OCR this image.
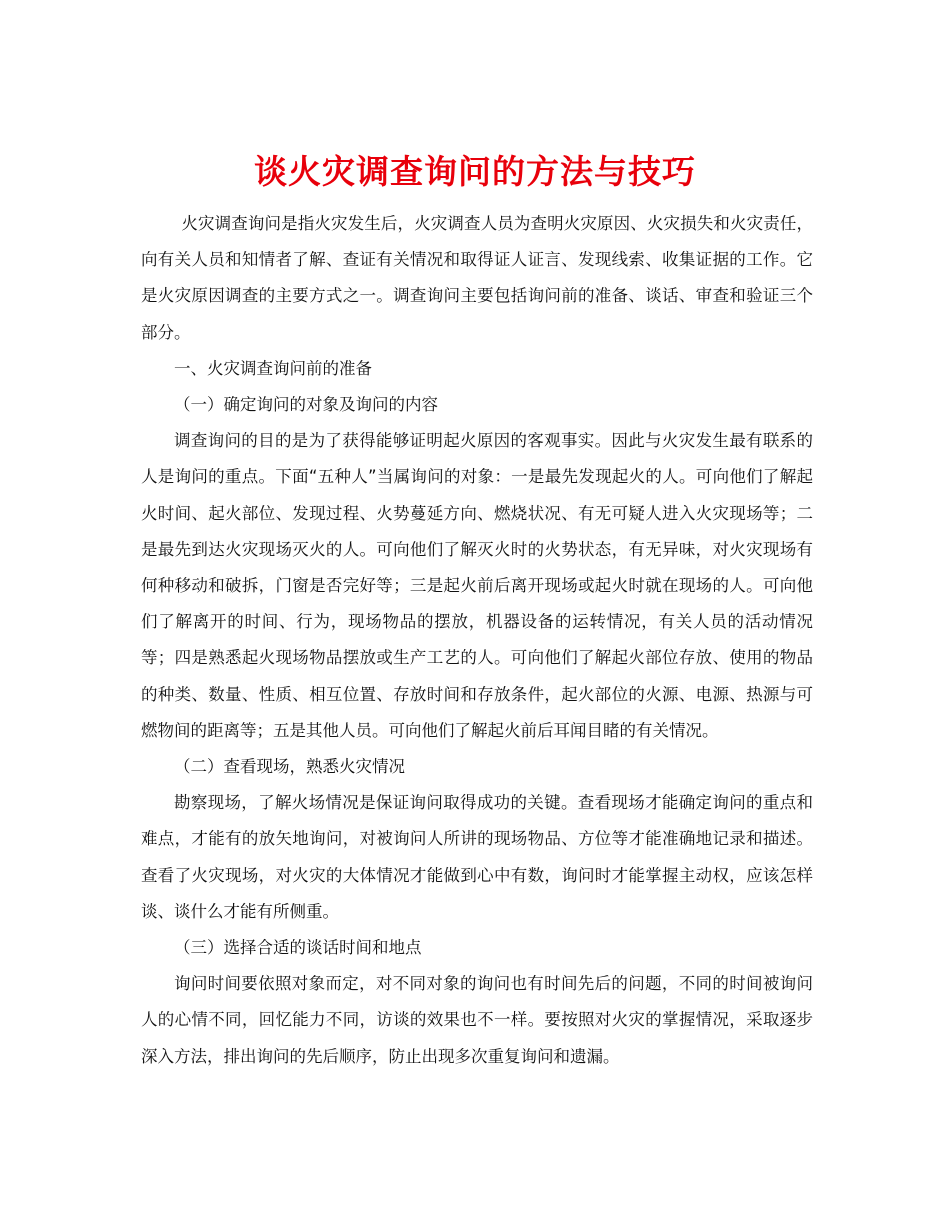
谈火灾调查询问的方法与技巧

火灾调查询问是指火灾发生后，火灾调查人员为查明火灾原因、火灾损失和火灾责任，向有关人员和知情者了解、查证有关情况和取得证人证言、发现线索、收集证据的工作。它是火灾原因调查的主要方式之一。调查询问主要包括询问前的准备、谈话、审查和验证三个部分。

一、火灾调查询问前的准备

（一）确定询问的对象及询问的内容

调查询问的目的是为了获得能够证明起火原因的客观事实。因此与火灾发生最有联系的人是询问的重点。下面“五种人”当属询问的对象：一是最先发现起火的人。可向他们了解起火时间、起火部位、发现过程、火势蔓延方向、燃烧状况、有无可疑人进入火灾现场等；二是最先到达火灾现场灭火的人。可向他们了解灭火时的火势状态，有无异味，对火灾现场有何种移动和破拆，门窗是否完好等；三是起火前后离开现场或起火时就在现场的人。可向他们了解离开的时间、行为，现场物品的摆放，机器设备的运转情况，有关人员的活动情况等；四是熟悉起火现场物品摆放或生产工艺的人。可向他们了解起火部位存放、使用的物品的种类、数量、性质、相互位置、存放时间和存放条件，起火部位的火源、电源、热源与可燃物间的距离等；五是其他人员。可向他们了解起火前后耳闻目睹的有关情况。

（二）查看现场，熟悉火灾情况

勘察现场，了解火场情况是保证询问取得成功的关键。查看现场才能确定询问的重点和难点，才能有的放矢地询问，对被询问人所讲的现场物品、方位等才能准确地记录和描述。查看了火灾现场，对火灾的大体情况才能做到心中有数，询问时才能掌握主动权，应该怎样谈、谈什么才能有所侧重。

（三）选择合适的谈话时间和地点

询问时间要依照对象而定，对不同对象的询问也有时间先后的问题，不同的时间被询问人的心情不同，回忆能力不同，访谈的效果也不一样。要按照对火灾的掌握情况，采取逐步深入方法，排出询问的先后顺序，防止出现多次重复询问和遗漏。
